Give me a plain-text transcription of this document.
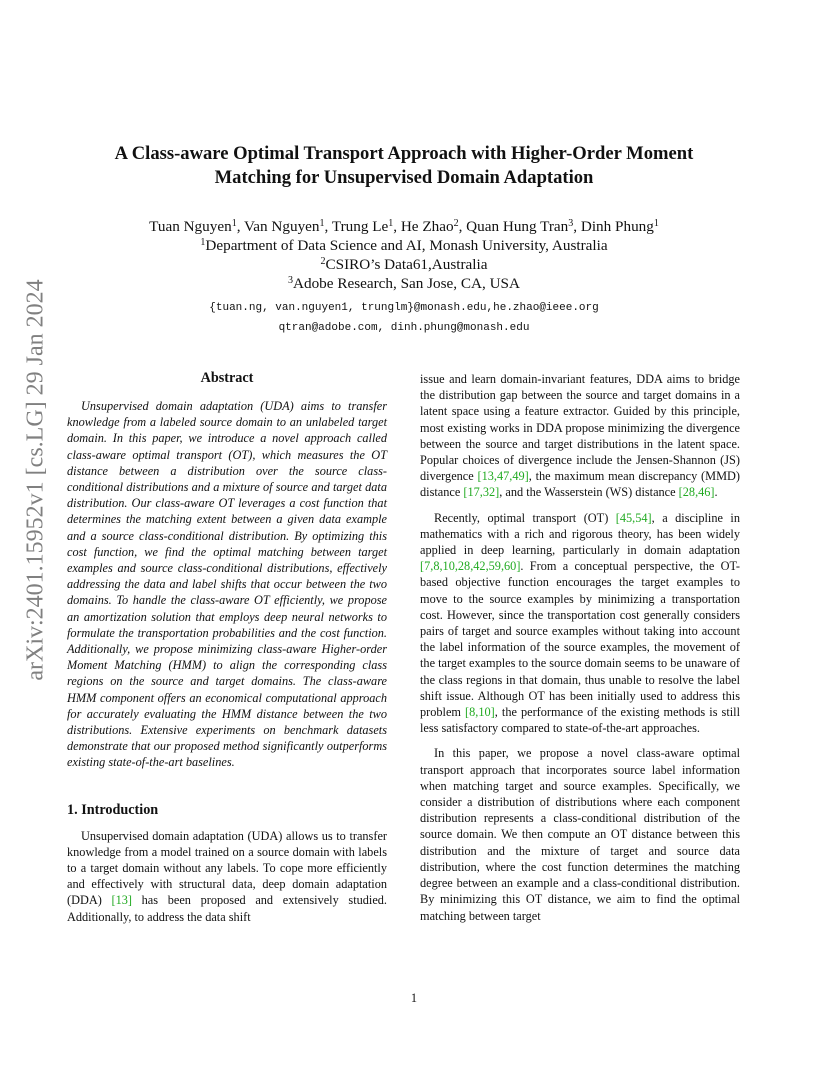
arXiv:2401.15952v1 [cs.LG] 29 Jan 2024
A Class-aware Optimal Transport Approach with Higher-Order Moment
Matching for Unsupervised Domain Adaptation
Tuan Nguyen$^1$, Van Nguyen$^1$, Trung Le$^1$, He Zhao$^2$, Quan Hung Tran$^3$, Dinh Phung$^1$
$^1$Department of Data Science and AI, Monash University, Australia
$^2$CSIRO’s Data61,Australia
$^3$Adobe Research, San Jose, CA, USA
{tuan.ng, van.nguyen1, trunglm}@monash.edu,he.zhao@ieee.org
qtran@adobe.com, dinh.phung@monash.edu
Abstract

Unsupervised domain adaptation (UDA) aims to transfer knowledge from a labeled source domain to an unlabeled target domain. In this paper, we introduce a novel approach called class-aware optimal transport (OT), which measures the OT distance between a distribution over the source class-conditional distributions and a mixture of source and target data distribution. Our class-aware OT leverages a cost function that determines the matching extent between a given data example and a source class-conditional distribution. By optimizing this cost function, we find the optimal matching between target examples and source class-conditional distributions, effectively addressing the data and label shifts that occur between the two domains. To handle the class-aware OT efficiently, we propose an amortization solution that employs deep neural networks to formulate the transportation probabilities and the cost function. Additionally, we propose minimizing class-aware Higher-order Moment Matching (HMM) to align the corresponding class regions on the source and target domains. The class-aware HMM component offers an economical computational approach for accurately evaluating the HMM distance between the two distributions. Extensive experiments on benchmark datasets demonstrate that our proposed method significantly outperforms existing state-of-the-art baselines.

1. Introduction

Unsupervised domain adaptation (UDA) allows us to transfer knowledge from a model trained on a source domain with labels to a target domain without any labels. To cope more efficiently and effectively with structural data, deep domain adaptation (DDA) [13] has been proposed and extensively studied. Additionally, to address the data shift

issue and learn domain-invariant features, DDA aims to bridge the distribution gap between the source and target domains in a latent space using a feature extractor. Guided by this principle, most existing works in DDA propose minimizing the divergence between the source and target distributions in the latent space. Popular choices of divergence include the Jensen-Shannon (JS) divergence [13,47,49], the maximum mean discrepancy (MMD) distance [17,32], and the Wasserstein (WS) distance [28,46].

Recently, optimal transport (OT) [45,54], a discipline in mathematics with a rich and rigorous theory, has been widely applied in deep learning, particularly in domain adaptation [7,8,10,28,42,59,60]. From a conceptual perspective, the OT-based objective function encourages the target examples to move to the source examples by minimizing a transportation cost. However, since the transportation cost generally considers pairs of target and source examples without taking into account the label information of the source examples, the movement of the target examples to the source domain seems to be unaware of the class regions in that domain, thus unable to resolve the label shift issue. Although OT has been initially used to address this problem [8,10], the performance of the existing methods is still less satisfactory compared to state-of-the-art approaches.

In this paper, we propose a novel class-aware optimal transport approach that incorporates source label information when matching target and source examples. Specifically, we consider a distribution of distributions where each component distribution represents a class-conditional distribution of the source domain. We then compute an OT distance between this distribution and the mixture of target and source data distribution, where the cost function determines the matching degree between an example and a class-conditional distribution. By minimizing this OT distance, we aim to find the optimal matching between target

1
